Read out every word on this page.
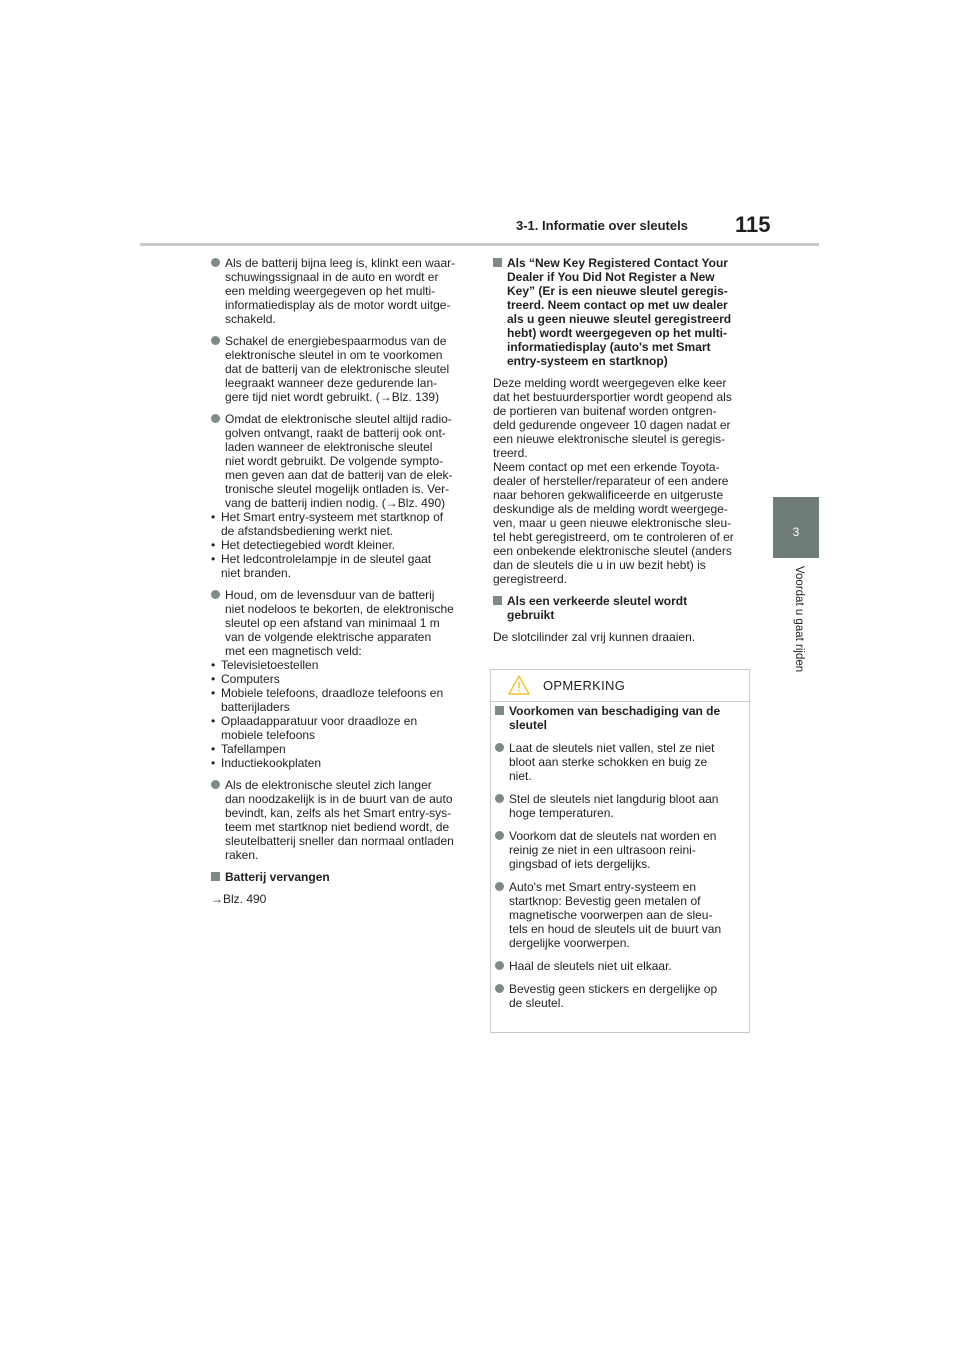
3-1. Informatie over sleutels 115
3
Voordat u gaat rijden
Als de batterij bijna leeg is, klinkt een waar-
schuwingssignaal in de auto en wordt er
een melding weergegeven op het multi-
informatiedisplay als de motor wordt uitge-
schakeld.
Schakel de energiebespaarmodus van de
elektronische sleutel in om te voorkomen
dat de batterij van de elektronische sleutel
leegraakt wanneer deze gedurende lan-
gere tijd niet wordt gebruikt. (→Blz. 139)
Omdat de elektronische sleutel altijd radio-
golven ontvangt, raakt de batterij ook ont-
laden wanneer de elektronische sleutel
niet wordt gebruikt. De volgende sympto-
men geven aan dat de batterij van de elek-
tronische sleutel mogelijk ontladen is. Ver-
vang de batterij indien nodig. (→Blz. 490)
• Het Smart entry-systeem met startknop of
de afstandsbediening werkt niet.
• Het detectiegebied wordt kleiner.
• Het ledcontrolelampje in de sleutel gaat
niet branden.
Houd, om de levensduur van de batterij
niet nodeloos te bekorten, de elektronische
sleutel op een afstand van minimaal 1 m
van de volgende elektrische apparaten
met een magnetisch veld:
• Televisietoestellen
• Computers
• Mobiele telefoons, draadloze telefoons en
batterijladers
• Oplaadapparatuur voor draadloze en
mobiele telefoons
• Tafellampen
• Inductiekookplaten
Als de elektronische sleutel zich langer
dan noodzakelijk is in de buurt van de auto
bevindt, kan, zelfs als het Smart entry-sys-
teem met startknop niet bediend wordt, de
sleutelbatterij sneller dan normaal ontladen
raken.
Batterij vervangen
→Blz. 490
Als “New Key Registered Contact Your
Dealer if You Did Not Register a New
Key” (Er is een nieuwe sleutel geregis-
treerd. Neem contact op met uw dealer
als u geen nieuwe sleutel geregistreerd
hebt) wordt weergegeven op het multi-
informatiedisplay (auto's met Smart
entry-systeem en startknop)
Deze melding wordt weergegeven elke keer
dat het bestuurdersportier wordt geopend als
de portieren van buitenaf worden ontgren-
deld gedurende ongeveer 10 dagen nadat er
een nieuwe elektronische sleutel is geregis-
treerd.
Neem contact op met een erkende Toyota-
dealer of hersteller/reparateur of een andere
naar behoren gekwalificeerde en uitgeruste
deskundige als de melding wordt weergege-
ven, maar u geen nieuwe elektronische sleu-
tel hebt geregistreerd, om te controleren of er
een onbekende elektronische sleutel (anders
dan de sleutels die u in uw bezit hebt) is
geregistreerd.
Als een verkeerde sleutel wordt
gebruikt
De slotcilinder zal vrij kunnen draaien.
OPMERKING
Voorkomen van beschadiging van de
sleutel
Laat de sleutels niet vallen, stel ze niet
bloot aan sterke schokken en buig ze
niet.
Stel de sleutels niet langdurig bloot aan
hoge temperaturen.
Voorkom dat de sleutels nat worden en
reinig ze niet in een ultrasoon reini-
gingsbad of iets dergelijks.
Auto's met Smart entry-systeem en
startknop: Bevestig geen metalen of
magnetische voorwerpen aan de sleu-
tels en houd de sleutels uit de buurt van
dergelijke voorwerpen.
Haal de sleutels niet uit elkaar.
Bevestig geen stickers en dergelijke op
de sleutel.
